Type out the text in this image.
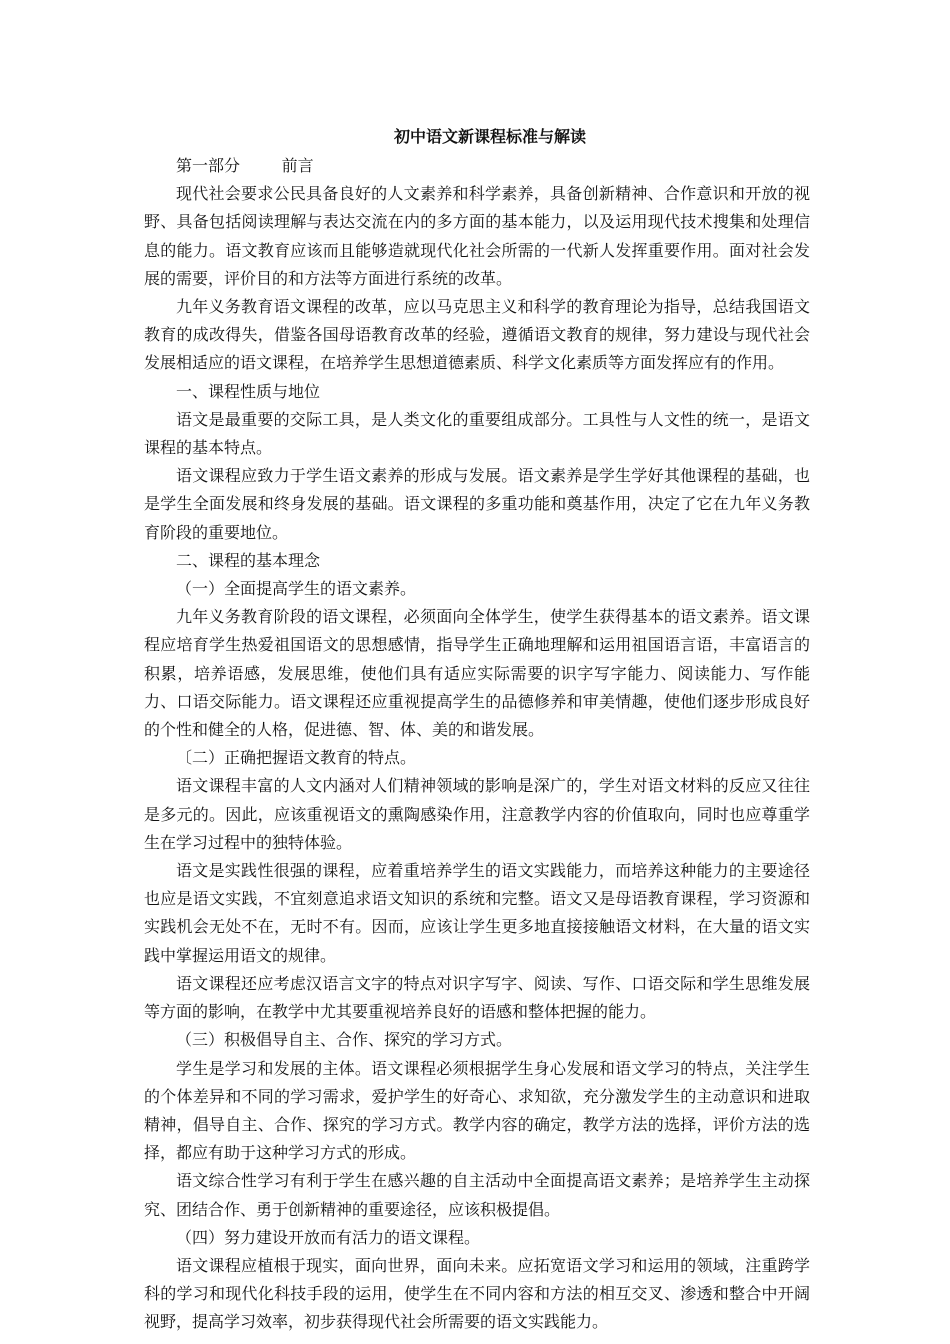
初中语文新课程标准与解读

第一部分	前言

现代社会要求公民具备良好的人文素养和科学素养，具备创新精神、合作意识和开放的视野、具备包括阅读理解与表达交流在内的多方面的基本能力，以及运用现代技术搜集和处理信息的能力。语文教育应该而且能够造就现代化社会所需的一代新人发挥重要作用。面对社会发展的需要，评价目的和方法等方面进行系统的改革。

九年义务教育语文课程的改革，应以马克思主义和科学的教育理论为指导，总结我国语文教育的成改得失，借鉴各国母语教育改革的经验，遵循语文教育的规律，努力建设与现代社会发展相适应的语文课程，在培养学生思想道德素质、科学文化素质等方面发挥应有的作用。

一、课程性质与地位

语文是最重要的交际工具，是人类文化的重要组成部分。工具性与人文性的统一，是语文课程的基本特点。

语文课程应致力于学生语文素养的形成与发展。语文素养是学生学好其他课程的基础，也是学生全面发展和终身发展的基础。语文课程的多重功能和奠基作用，决定了它在九年义务教育阶段的重要地位。

二、课程的基本理念

（一）全面提高学生的语文素养。

九年义务教育阶段的语文课程，必须面向全体学生，使学生获得基本的语文素养。语文课程应培育学生热爱祖国语文的思想感情，指导学生正确地理解和运用祖国语言语，丰富语言的积累，培养语感，发展思维，使他们具有适应实际需要的识字写字能力、阅读能力、写作能力、口语交际能力。语文课程还应重视提高学生的品德修养和审美情趣，使他们逐步形成良好的个性和健全的人格，促进德、智、体、美的和谐发展。

〔二）正确把握语文教育的特点。

语文课程丰富的人文内涵对人们精神领域的影响是深广的，学生对语文材料的反应又往往是多元的。因此，应该重视语文的熏陶感染作用，注意教学内容的价值取向，同时也应尊重学生在学习过程中的独特体验。

语文是实践性很强的课程，应着重培养学生的语文实践能力，而培养这种能力的主要途径也应是语文实践，不宜刻意追求语文知识的系统和完整。语文又是母语教育课程，学习资源和实践机会无处不在，无时不有。因而，应该让学生更多地直接接触语文材料，在大量的语文实践中掌握运用语文的规律。

语文课程还应考虑汉语言文字的特点对识字写字、阅读、写作、口语交际和学生思维发展等方面的影响，在教学中尤其要重视培养良好的语感和整体把握的能力。

（三）积极倡导自主、合作、探究的学习方式。

学生是学习和发展的主体。语文课程必须根据学生身心发展和语文学习的特点，关注学生的个体差异和不同的学习需求，爱护学生的好奇心、求知欲，充分激发学生的主动意识和进取精神，倡导自主、合作、探究的学习方式。教学内容的确定，教学方法的选择，评价方法的选择，都应有助于这种学习方式的形成。

语文综合性学习有利于学生在感兴趣的自主活动中全面提高语文素养；是培养学生主动探究、团结合作、勇于创新精神的重要途径，应该积极提倡。

（四）努力建设开放而有活力的语文课程。

语文课程应植根于现实，面向世界，面向未来。应拓宽语文学习和运用的领域，注重跨学科的学习和现代化科技手段的运用，使学生在不同内容和方法的相互交叉、渗透和整合中开阔视野，提高学习效率，初步获得现代社会所需要的语文实践能力。
